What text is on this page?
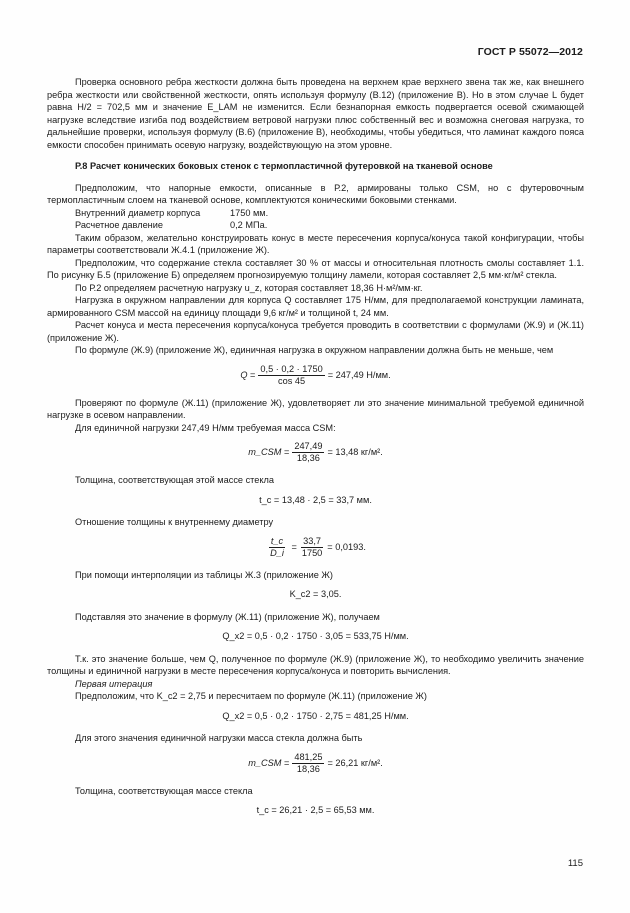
ГОСТ Р 55072—2012

Проверка основного ребра жесткости должна быть проведена на верхнем крае верхнего звена так же, как внешнего ребра жесткости или свойственной жесткости, опять используя формулу (В.12) (приложение В). Но в этом случае L будет равна H/2 = 702,5 мм и значение E_LAM не изменится. Если безнапорная емкость подвергается осевой сжимающей нагрузке вследствие изгиба под воздействием ветровой нагрузки плюс собственный вес и возможна снеговая нагрузка, то дальнейшие проверки, используя формулу (В.6) (приложение В), необходимы, чтобы убедиться, что ламинат каждого пояса емкости способен принимать осевую нагрузку, воздействующую на этом уровне.

Р.8 Расчет конических боковых стенок с термопластичной футеровкой на тканевой основе

Предположим, что напорные емкости, описанные в Р.2, армированы только CSM, но с футеровочным термопластичным слоем на тканевой основе, комплектуются коническими боковыми стенками.

Внутренний диаметр корпуса	1750 мм.
Расчетное давление	0,2 МПа.

Таким образом, желательно конструировать конус в месте пересечения корпуса/конуса такой конфигурации, чтобы параметры соответствовали Ж.4.1 (приложение Ж).

Предположим, что содержание стекла составляет 30 % от массы и относительная плотность смолы составляет 1.1. По рисунку Б.5 (приложение Б) определяем прогнозируемую толщину ламели, которая составляет 2,5 мм·кг/м² стекла.

По Р.2 определяем расчетную нагрузку u_z, которая составляет 18,36 Н·м²/мм·кг.

Нагрузка в окружном направлении для корпуса Q составляет 175 Н/мм, для предполагаемой конструкции ламината, армированного CSM массой на единицу площади 9,6 кг/м² и толщиной t, 24 мм.

Расчет конуса и места пересечения корпуса/конуса требуется проводить в соответствии с формулами (Ж.9) и (Ж.11) (приложение Ж).

По формуле (Ж.9) (приложение Ж), единичная нагрузка в окружном направлении должна быть не меньше, чем

$Q = \frac{0,5 \cdot 0,2 \cdot 1750}{\cos 45} = 247,49$ Н/мм.

Проверяют по формуле (Ж.11) (приложение Ж), удовлетворяет ли это значение минимальной требуемой единичной нагрузке в осевом направлении.

Для единичной нагрузки 247,49 Н/мм требуемая масса CSM:

m_CSM = $\frac{247,49}{18,36} = 13,48$ кг/м².

Толщина, соответствующая этой массе стекла

t_c = 13,48 · 2,5 = 33,7 мм.

Отношение толщины к внутреннему диаметру

$\frac{t\_c}{D\_i} = \frac{33,7}{1750} = 0,0193$.

При помощи интерполяции из таблицы Ж.3 (приложение Ж)

K_c2 = 3,05.

Подставляя это значение в формулу (Ж.11) (приложение Ж), получаем

Q_x2 = 0,5 · 0,2 · 1750 · 3,05 = 533,75 Н/мм.

Т.к. это значение больше, чем Q, полученное по формуле (Ж.9) (приложение Ж), то необходимо увеличить значение толщины и единичной нагрузки в месте пересечения корпуса/конуса и повторить вычисления.

Первая итерация

Предположим, что K_c2 = 2,75 и пересчитаем по формуле (Ж.11) (приложение Ж)

Q_x2 = 0,5 · 0,2 · 1750 · 2,75 = 481,25 Н/мм.

Для этого значения единичной нагрузки масса стекла должна быть

m_CSM = $\frac{481,25}{18,36} = 26,21$ кг/м².

Толщина, соответствующая массе стекла

t_c = 26,21 · 2,5 = 65,53 мм.
115
